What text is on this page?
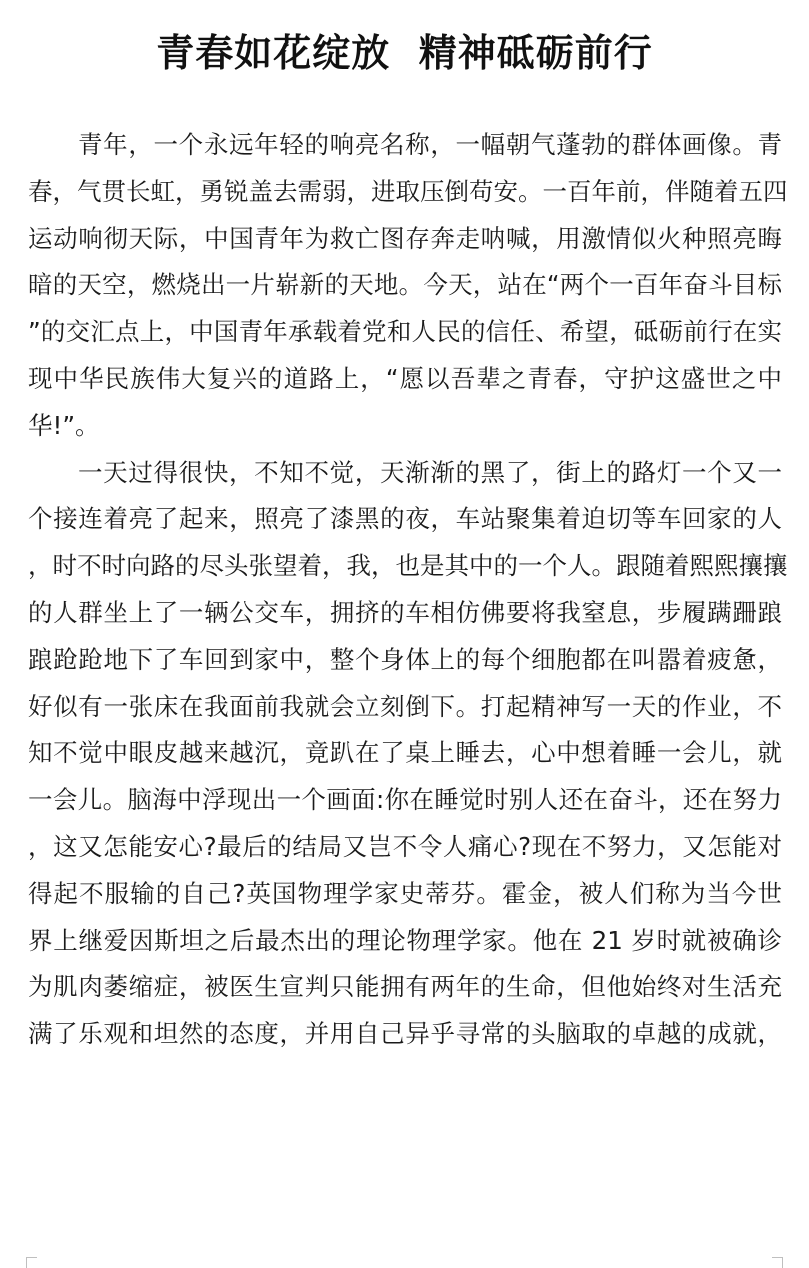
青春如花绽放  精神砥砺前行
青年，一个永远年轻的响亮名称，一幅朝气蓬勃的群体画像。青
春，气贯长虹，勇锐盖去需弱，进取压倒苟安。一百年前，伴随着五四
运动响彻天际，中国青年为救亡图存奔走呐喊，用激情似火种照亮晦
暗的天空，燃烧出一片崭新的天地。今天，站在“两个一百年奋斗目标
”的交汇点上，中国青年承载着党和人民的信任、希望，砥砺前行在实
现中华民族伟大复兴的道路上，“愿以吾辈之青春，守护这盛世之中
华!”。
一天过得很快，不知不觉，天渐渐的黑了，街上的路灯一个又一
个接连着亮了起来，照亮了漆黑的夜，车站聚集着迫切等车回家的人
，时不时向路的尽头张望着，我，也是其中的一个人。跟随着熙熙攘攘
的人群坐上了一辆公交车，拥挤的车相仿佛要将我窒息，步履蹒跚踉
踉跄跄地下了车回到家中，整个身体上的每个细胞都在叫嚣着疲惫，
好似有一张床在我面前我就会立刻倒下。打起精神写一天的作业，不
知不觉中眼皮越来越沉，竟趴在了桌上睡去，心中想着睡一会儿，就
一会儿。脑海中浮现出一个画面:你在睡觉时别人还在奋斗，还在努力
，这又怎能安心?最后的结局又岂不令人痛心?现在不努力，又怎能对
得起不服输的自己?英国物理学家史蒂芬。霍金，被人们称为当今世
界上继爱因斯坦之后最杰出的理论物理学家。他在 21 岁时就被确诊
为肌肉萎缩症，被医生宣判只能拥有两年的生命，但他始终对生活充
满了乐观和坦然的态度，并用自己异乎寻常的头脑取的卓越的成就，
